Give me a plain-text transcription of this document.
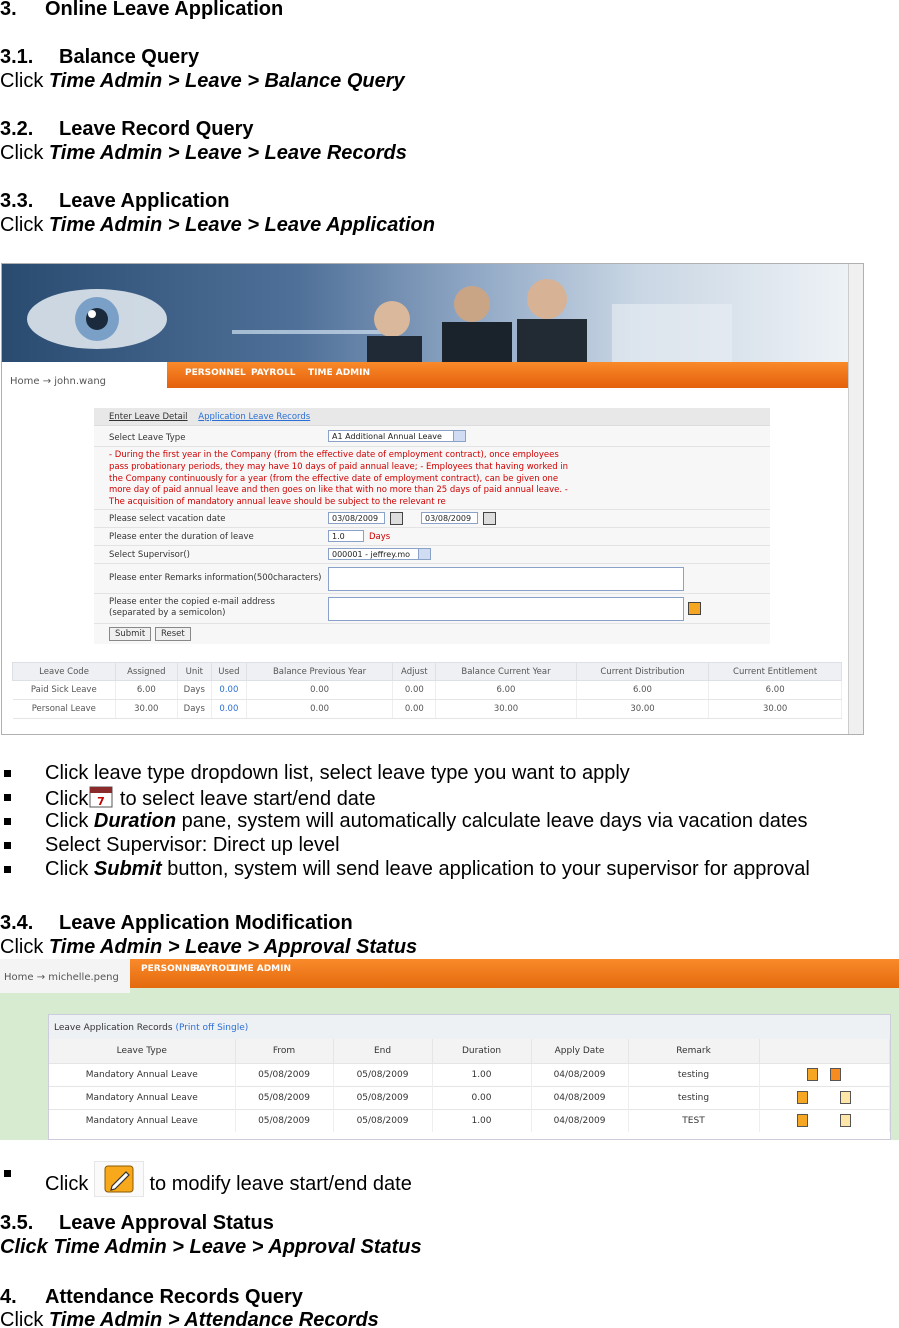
3. Online Leave Application
3.1. Balance Query
Click Time Admin > Leave > Balance Query
3.2. Leave Record Query
Click Time Admin > Leave > Leave Records
3.3. Leave Application
Click Time Admin > Leave > Leave Application
Home → john.wang
PERSONNEL PAYROLL TIME ADMIN
Enter Leave Detail Application Leave Records
Select Leave Type	A1 Additional Annual Leave
- During the first year in the Company (from the effective date of employment contract), once employees pass probationary periods, they may have 10 days of paid annual leave; - Employees that having worked in the Company continuously for a year (from the effective date of employment contract), can be given one more day of paid annual leave and then goes on like that with no more than 25 days of paid annual leave. - The acquisition of mandatory annual leave should be subject to the relevant re
Please select vacation date	03/08/2009	03/08/2009
Please enter the duration of leave	1.0	Days
Select Supervisor()	000001 - jeffrey.mo
Please enter Remarks information(500characters)
Please enter the copied e-mail address (separated by a semicolon)
Submit	Reset
Leave Code	Assigned	Unit	Used	Balance Previous Year	Adjust	Balance Current Year	Current Distribution	Current Entitlement
Paid Sick Leave	6.00	Days	0.00	0.00	0.00	6.00	6.00	6.00
Personal Leave	30.00	Days	0.00	0.00	0.00	30.00	30.00	30.00
Click leave type dropdown list, select leave type you want to apply
Click 7 to select leave start/end date
Click Duration pane, system will automatically calculate leave days via vacation dates
Select Supervisor: Direct up level
Click Submit button, system will send leave application to your supervisor for approval
3.4. Leave Application Modification
Click Time Admin > Leave > Approval Status
Home → michelle.peng
PERSONNEL
PAYROLL
TIME ADMIN
Leave Application Records (Print off Single)
Leave Type	From	End	Duration	Apply Date	Remark	
Mandatory Annual Leave	05/08/2009	05/08/2009	1.00	04/08/2009	testing	
Mandatory Annual Leave	05/08/2009	05/08/2009	0.00	04/08/2009	testing	
Mandatory Annual Leave	05/08/2009	05/08/2009	1.00	04/08/2009	TEST	
Click	to modify leave start/end date
3.5. Leave Approval Status
Click Time Admin > Leave > Approval Status
4. Attendance Records Query
Click Time Admin > Attendance Records
